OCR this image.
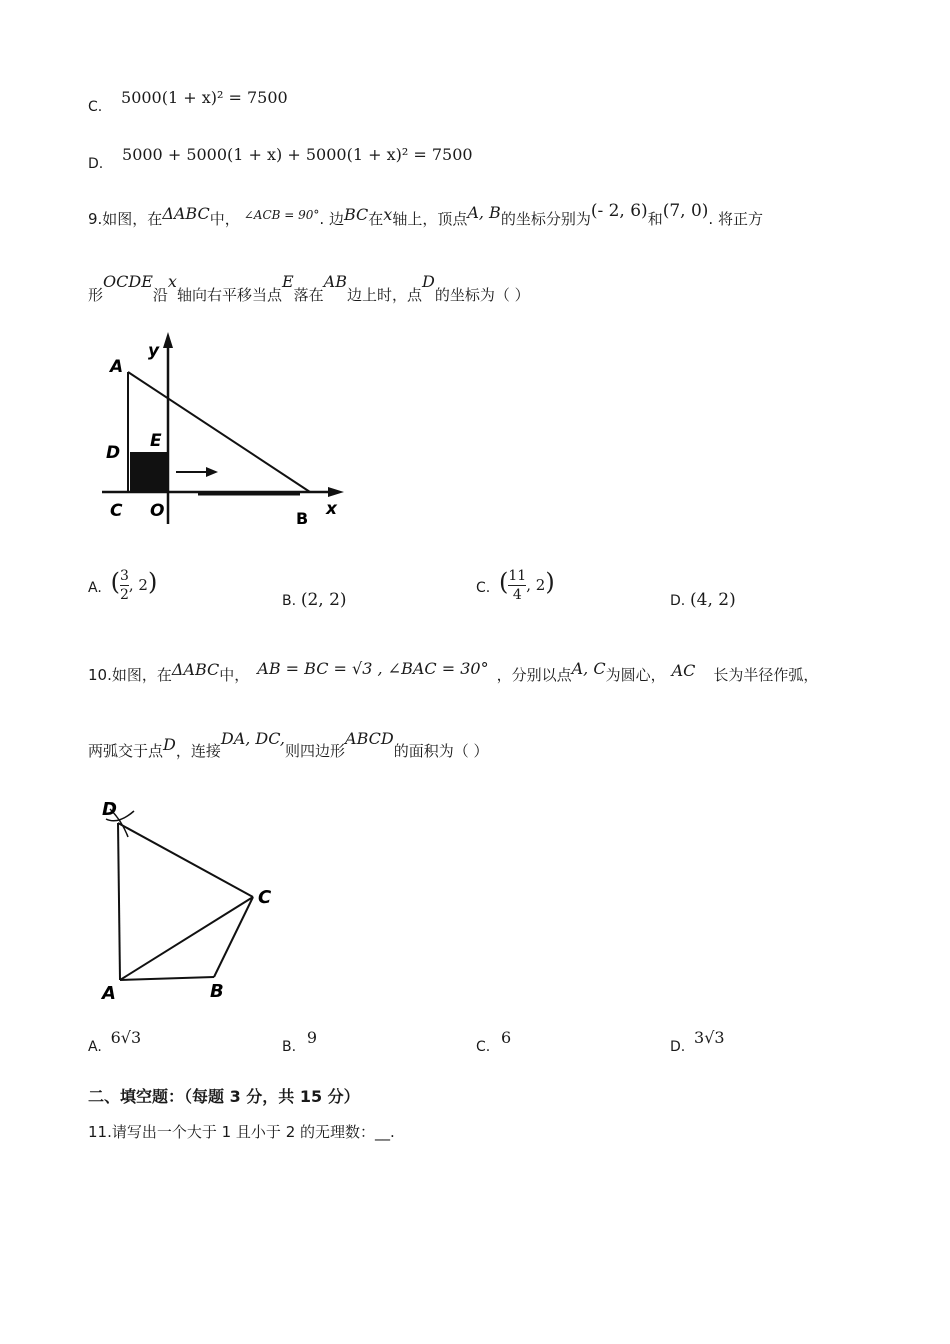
C. 5000(1 + x)² = 7500
D. 5000 + 5000(1 + x) + 5000(1 + x)² = 7500
9.如图，在ΔABC中， $^{\angle ACB = 90^\circ}$. 边BC在x轴上，顶点A, B的坐标分别为(- 2, 6)和(7, 0). 将正方
形OCDE沿x轴向右平移当点E落在AB边上时，点D的坐标为（ ）
A
y
D
E
C O	B x
A. ( $\frac{3}{2}$ , 2)
B. (2, 2)
C. ( $\frac{11}{4}$ , 2)
D. (4, 2)
10.如图，在ΔABC中， AB = BC = √3 , ∠BAC = 30° ，分别以点A, C为圆心， AC 长为半径作弧，
两弧交于点D，连接DA, DC,则四边形ABCD的面积为（ ）
D
C
A	B
A. 6√3	B. 9	C. 6	D. 3√3
二、填空题：（每题 3 分，共 15 分）
11.请写出一个大于 1 且小于 2 的无理数：__.
